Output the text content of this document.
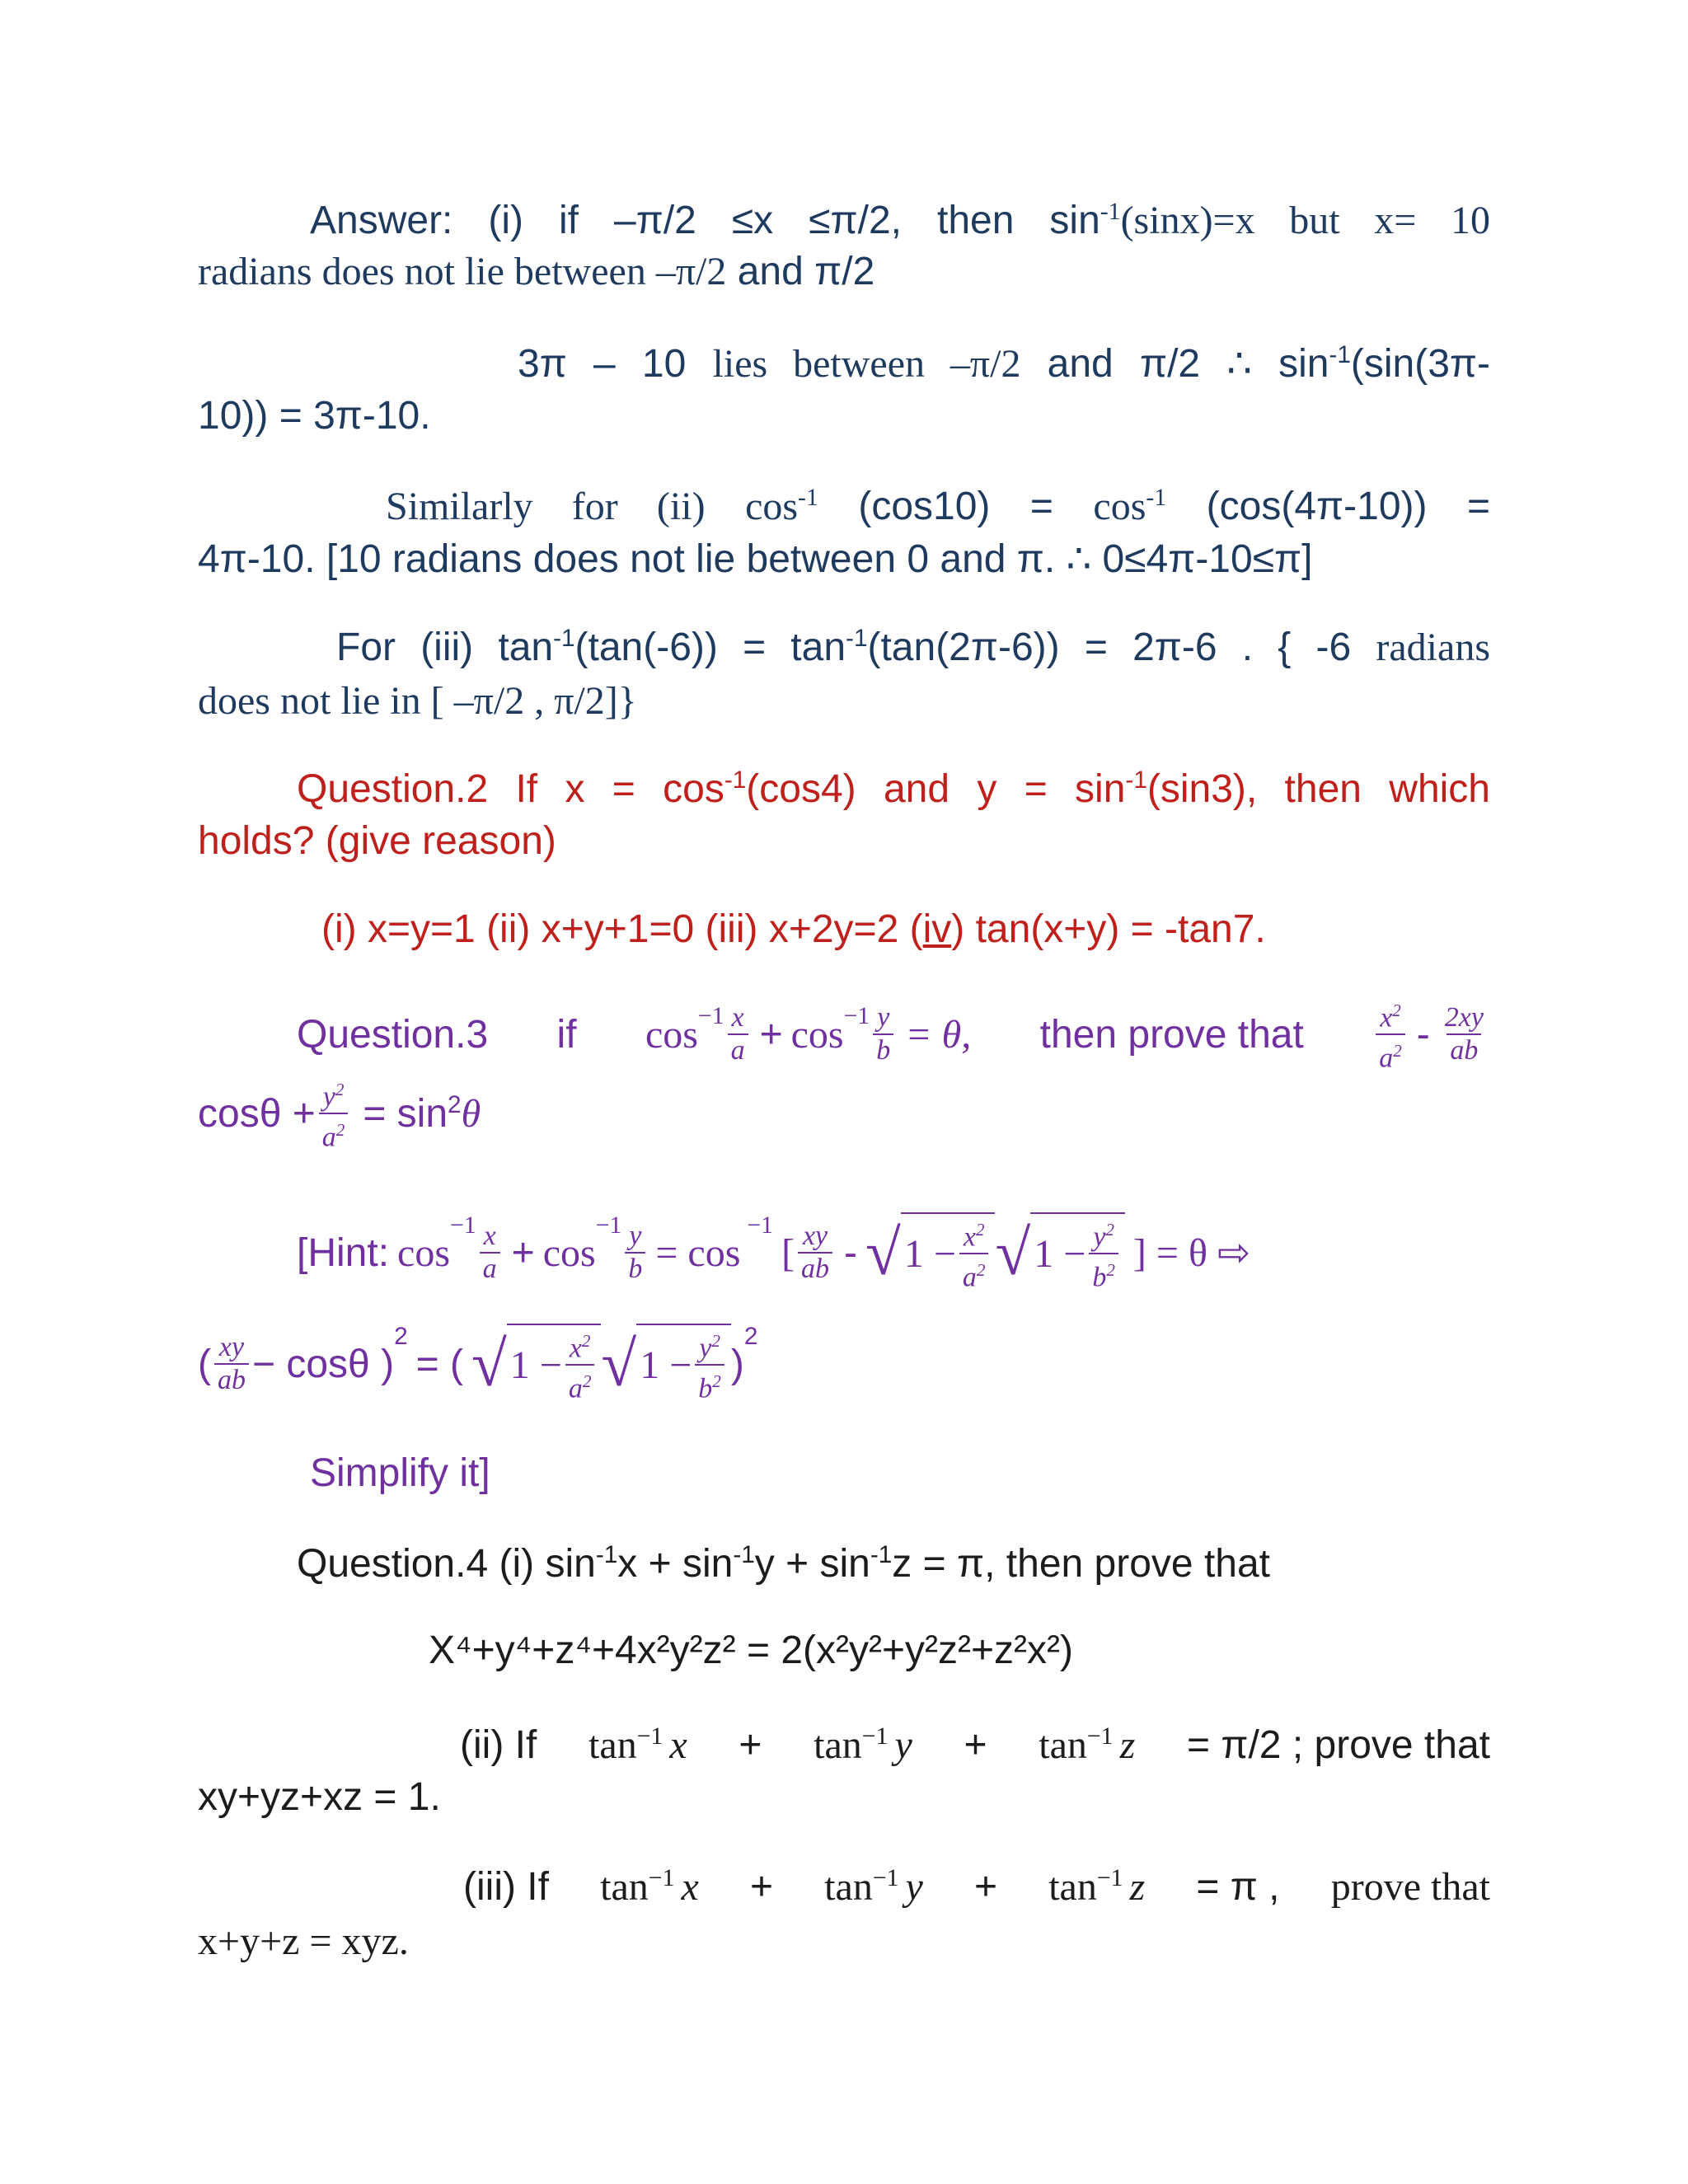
Answer: (i) if –π/2 ≤x ≤π/2, then $\sin^{-1}(\sin x)=x$ but x= 10
radians does not lie between –π/2 and π/2
3π – 10 lies between –π/2 and π/2 ∴ $\sin^{-1}(\sin(3\pi-$
10)) = 3π-10.
Similarly for (ii) $\cos^{-1} (\cos 10) = \cos^{-1} (\cos(4\pi-10))$ =
4π-10. [10 radians does not lie between 0 and π. ∴ 0≤4π-10≤π]
For (iii) $\tan^{-1}(\tan(-6)) = \tan^{-1}(\tan(2\pi-6)) = 2\pi-6$ . { -6 radians
does not lie in [ –π/2 , π/2]}
Question.2 If $x = \cos^{-1}(\cos 4)$ and $y = \sin^{-1}(\sin 3)$, then which
holds? (give reason)
(i) x=y=1 (ii) x+y+1=0 (iii) x+2y=2 (iv) tan(x+y) = -tan7.
Question.3 if $\cos^{-1} \frac{x}{a} + \cos^{-1} \frac{y}{b} = \theta$, then prove that	$\frac{x^2}{a^2} - \frac{2xy}{ab}$
$\cos\theta + \frac{y^2}{a^2} = \sin^2\theta$
[Hint: cos
$^{-1} \frac{x}{a} + \cos$
$^{-1} \frac{y}{b} = \cos$
$^{-1}$
[ $\frac{xy}{ab}$ - √ $1 - \frac{x^2}{a^2}$ √ $1 - \frac{y^2}{b^2}$ ] = θ ⇨
( $\frac{xy}{ab} - \cos\theta$ )
$^2$
= ( √ $1 - \frac{x^2}{a^2}$ √ $1 - \frac{y^2}{b^2}$ )
$^2$
Simplify it]
Question.4 (i) $\sin^{-1}x + \sin^{-1}y + \sin^{-1}z = \pi$, then prove that
X⁴+y⁴+z⁴+4x²y²z² = 2(x²y²+y²z²+z²x²)
(ii) If $\tan^{-1} x + \tan^{-1} y + \tan^{-1} z = \pi/2$ ; prove that
xy+yz+xz = 1.
(iii) If $\tan^{-1} x + \tan^{-1} y + \tan^{-1} z = \pi$ , prove that
x+y+z = xyz.
